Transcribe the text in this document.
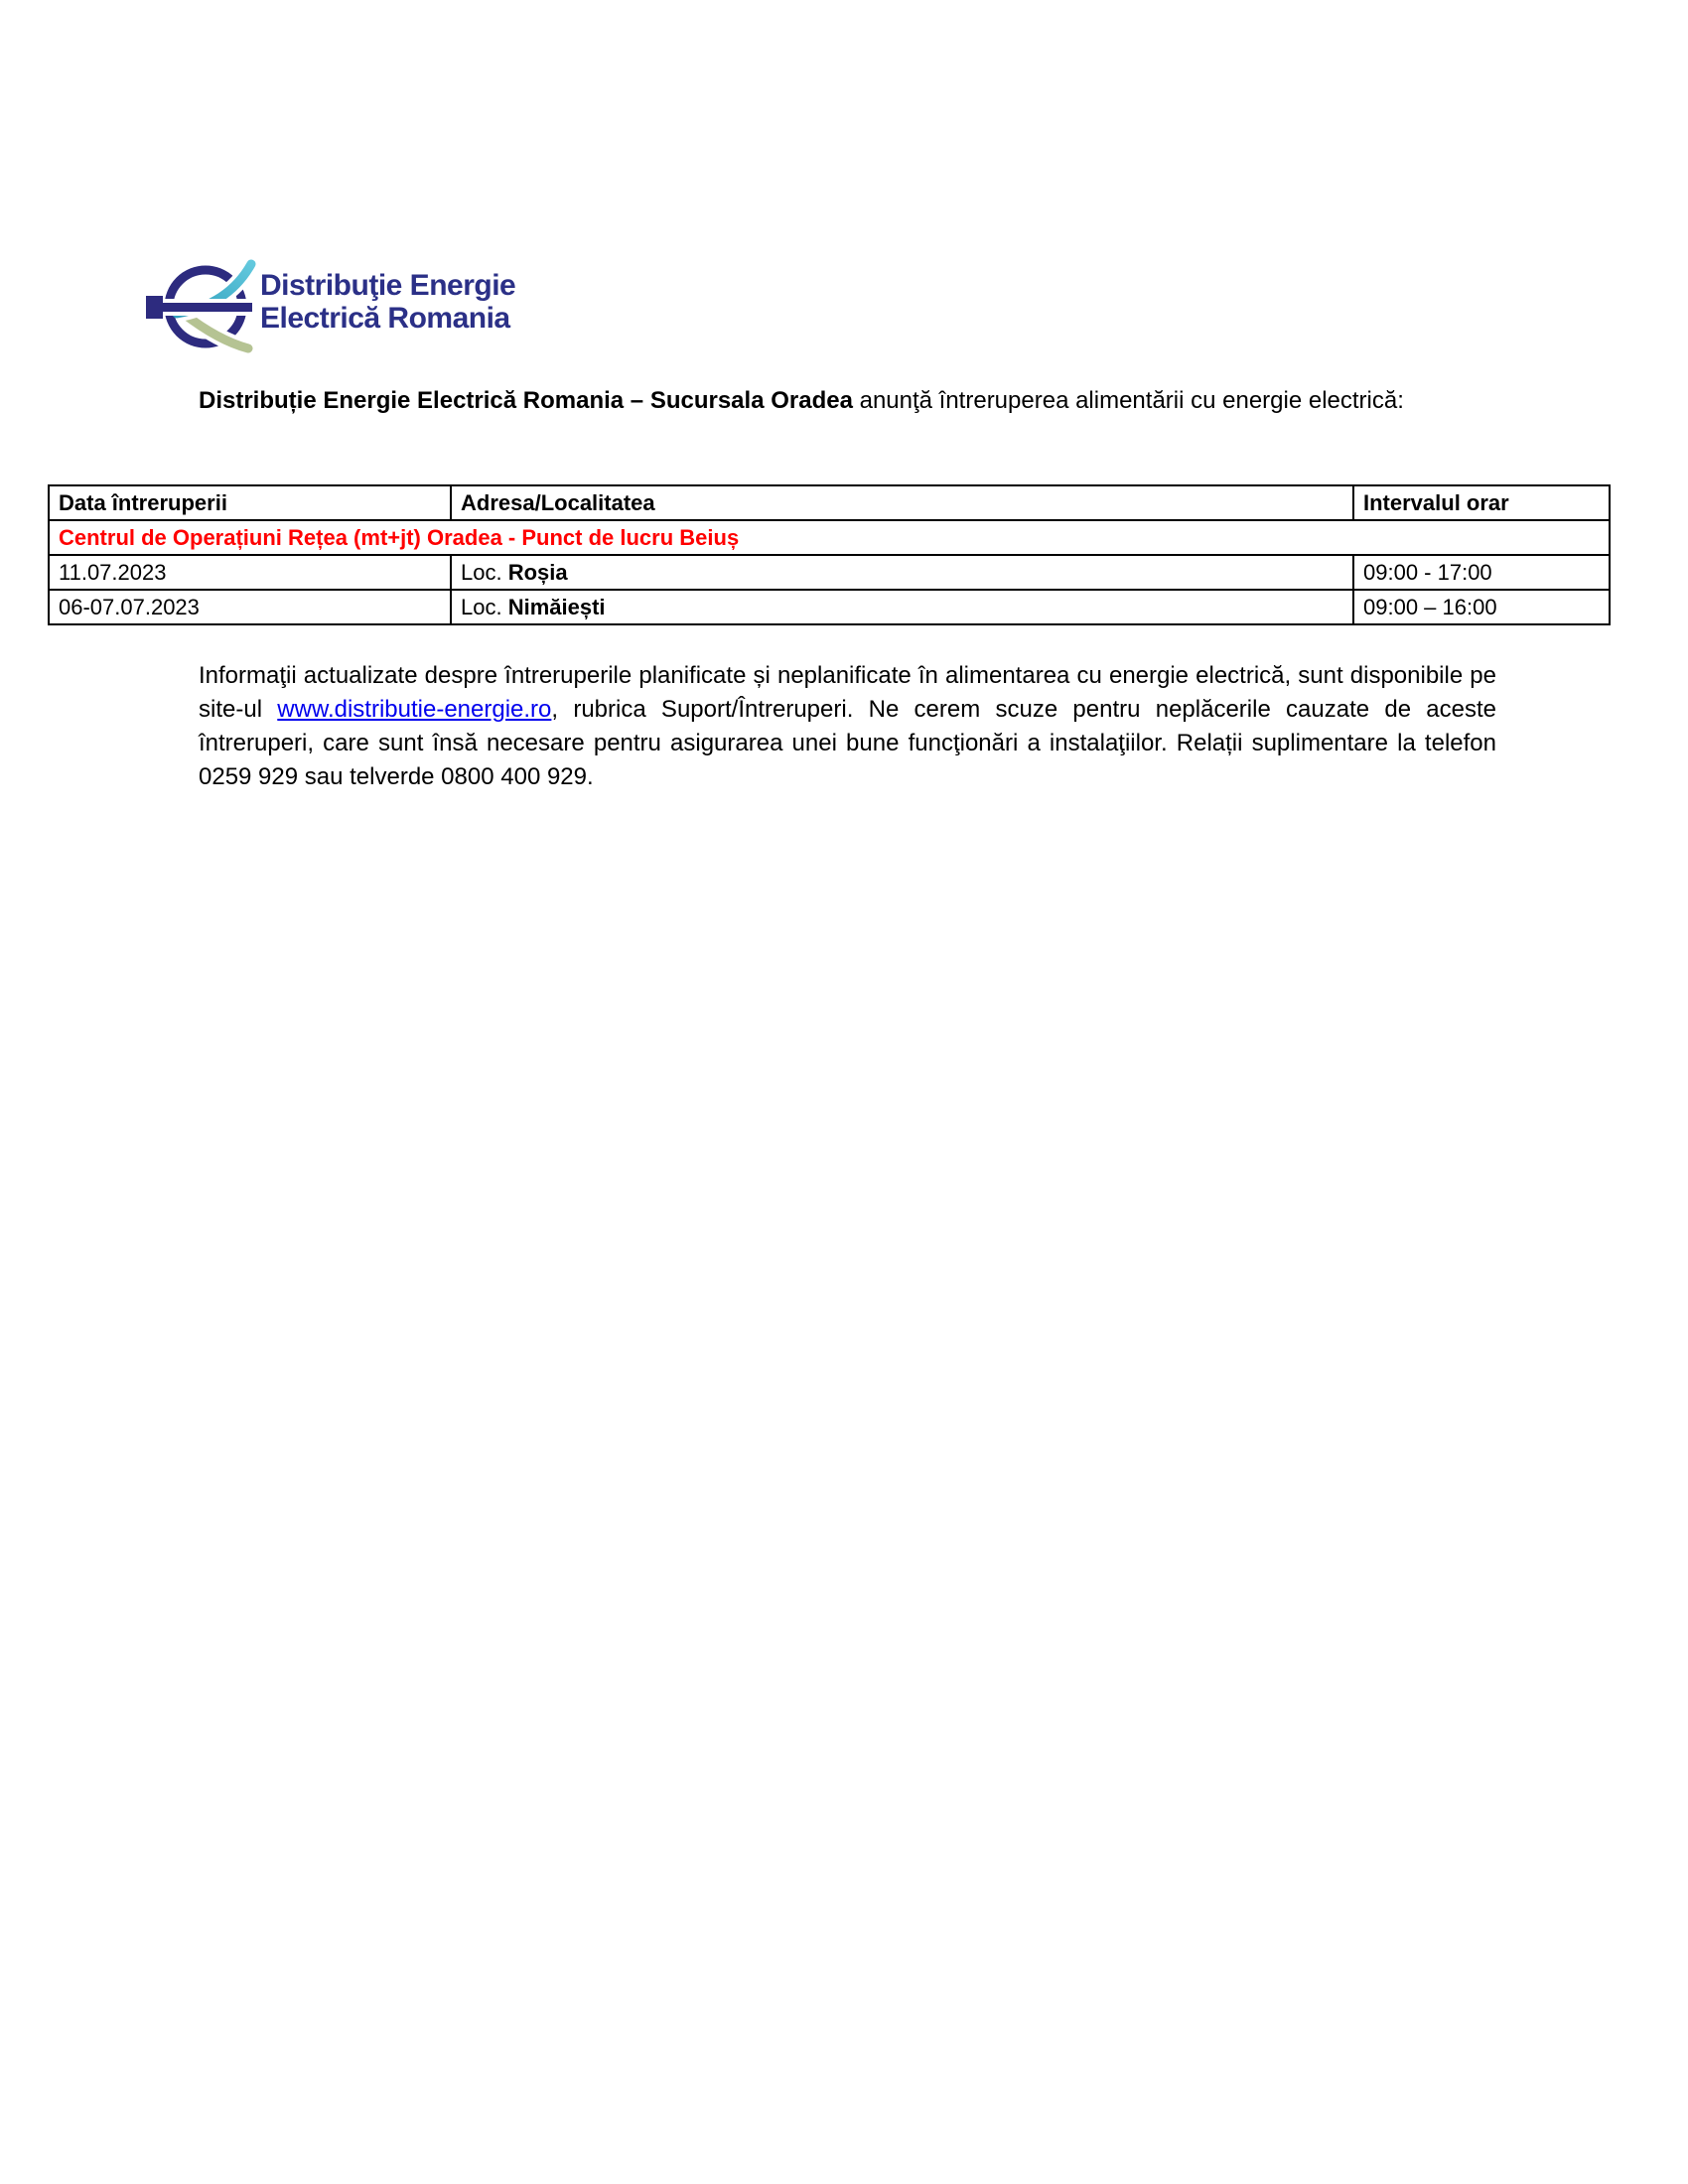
Distribuţie Energie
Electrică Romania
Distribuție Energie Electrică Romania – Sucursala Oradea anunţă întreruperea alimentării cu energie electrică:
Data întreruperii	Adresa/Localitatea	Intervalul orar
Centrul de Operațiuni Rețea (mt+jt) Oradea - Punct de lucru Beiuș		
11.07.2023	Loc. Roșia	09:00 - 17:00
06-07.07.2023	Loc. Nimăiești	09:00 – 16:00
Informaţii actualizate despre întreruperile planificate și neplanificate în alimentarea cu energie electrică, sunt disponibile pe site-ul www.distributie-energie.ro, rubrica Suport/Întreruperi. Ne cerem scuze pentru neplăcerile cauzate de aceste întreruperi, care sunt însă necesare pentru asigurarea unei bune funcţionări a instalaţiilor. Relații suplimentare la telefon 0259 929 sau telverde 0800 400 929.
